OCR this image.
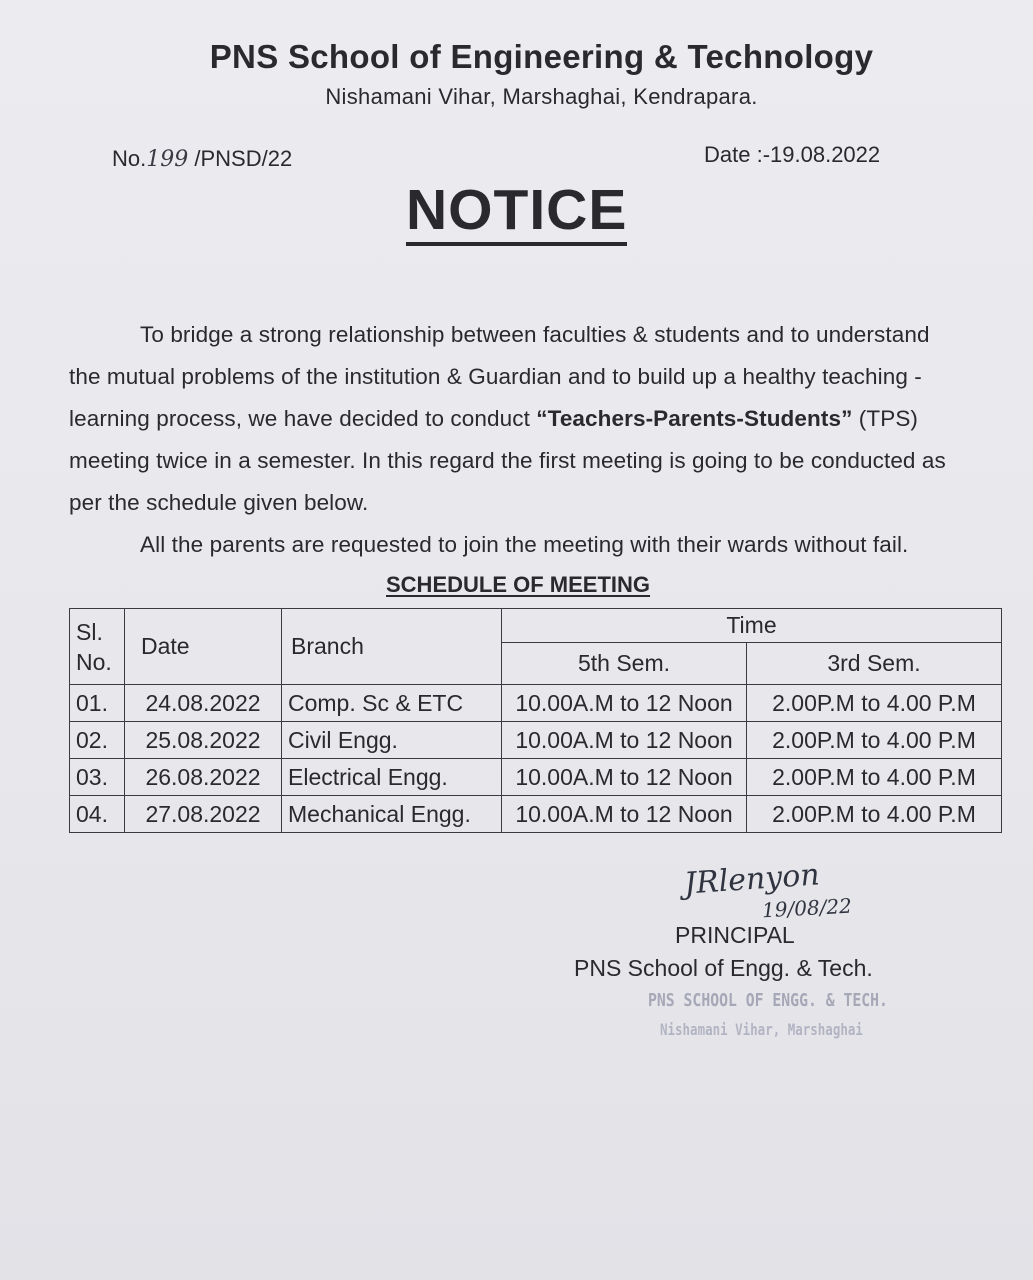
PNS School of Engineering & Technology
Nishamani Vihar, Marshaghai, Kendrapara.
No.199 /PNSD/22	Date :-19.08.2022
NOTICE
To bridge a strong relationship between faculties & students and to understand
the mutual problems of the institution & Guardian and to build up a healthy teaching -
learning process, we have decided to conduct “Teachers-Parents-Students” (TPS)
meeting twice in a semester. In this regard the first meeting is going to be conducted as
per the schedule given below.
All the parents are requested to join the meeting with their wards without fail.
SCHEDULE OF MEETING
Sl.
No.	Date	Branch	Time	
			5th Sem.	3rd Sem.
01.	24.08.2022	Comp. Sc & ETC	10.00A.M to 12 Noon	2.00P.M to 4.00 P.M
02.	25.08.2022	Civil Engg.	10.00A.M to 12 Noon	2.00P.M to 4.00 P.M
03.	26.08.2022	Electrical Engg.	10.00A.M to 12 Noon	2.00P.M to 4.00 P.M
04.	27.08.2022	Mechanical Engg.	10.00A.M to 12 Noon	2.00P.M to 4.00 P.M
JRlenyon
19/08/22
PRINCIPAL
PNS School of Engg. & Tech.
PNS SCHOOL OF ENGG. & TECH.
Nishamani Vihar, Marshaghai
